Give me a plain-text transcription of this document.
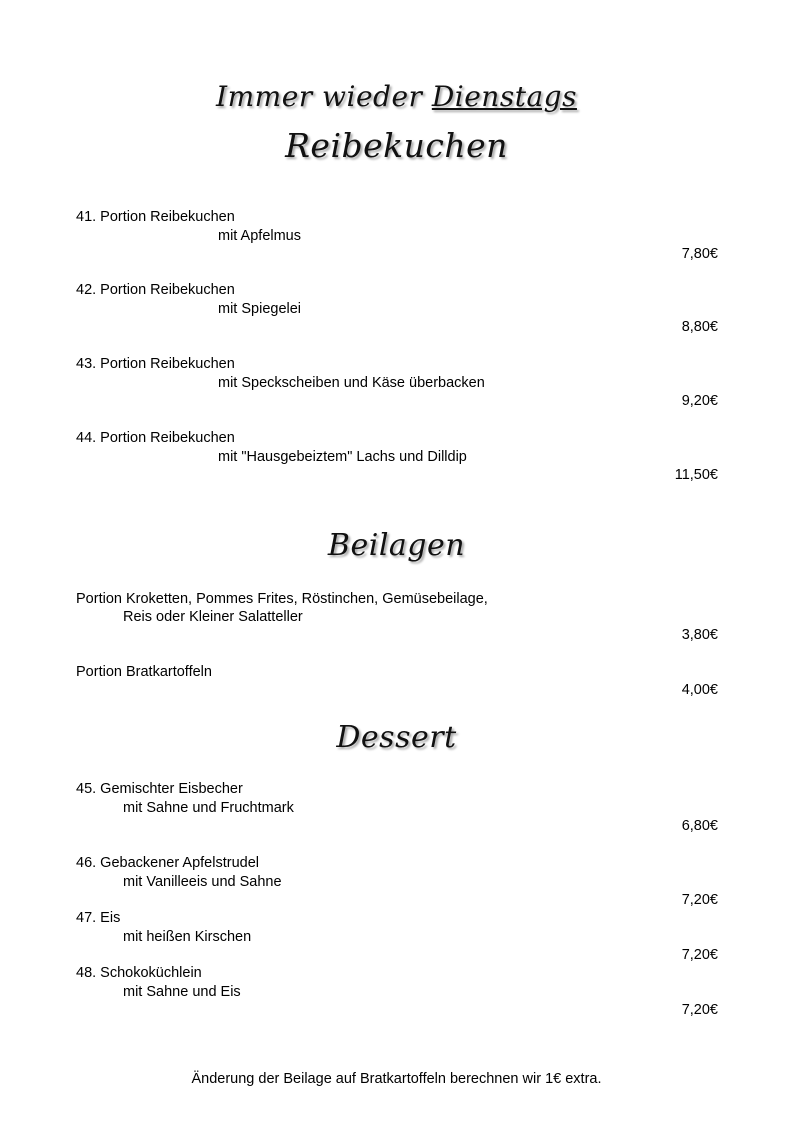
Immer wieder Dienstags
Reibekuchen
41. Portion Reibekuchen
mit Apfelmus
7,80€
42. Portion Reibekuchen
mit Spiegelei
8,80€
43. Portion Reibekuchen
mit Speckscheiben und Käse überbacken
9,20€
44. Portion Reibekuchen
mit "Hausgebeiztem" Lachs und Dilldip
11,50€
Beilagen
Portion Kroketten, Pommes Frites, Röstinchen, Gemüsebeilage,
Reis oder Kleiner Salatteller
3,80€
Portion Bratkartoffeln
4,00€
Dessert
45. Gemischter Eisbecher
mit Sahne und Fruchtmark
6,80€
46. Gebackener Apfelstrudel
mit Vanilleeis und Sahne
7,20€
47. Eis
mit heißen Kirschen
7,20€
48. Schokoküchlein
mit Sahne und Eis
7,20€
Änderung der Beilage auf Bratkartoffeln berechnen wir 1€ extra.
